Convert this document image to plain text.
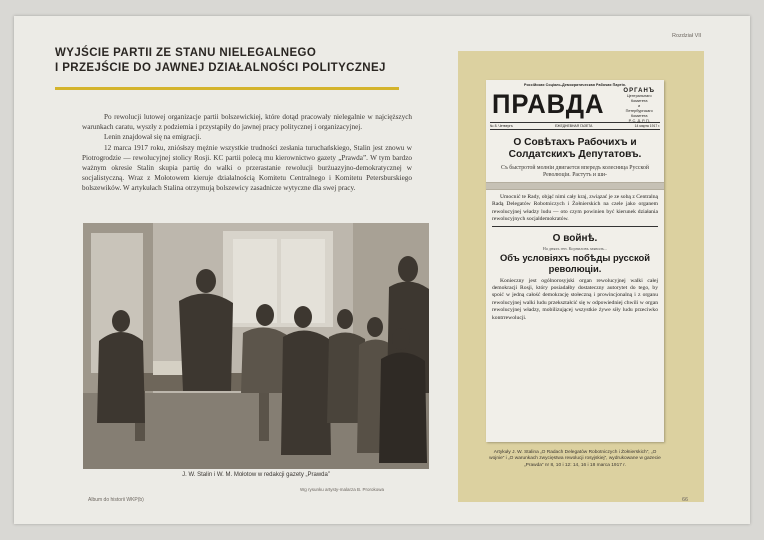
Rozdział VII
WYJŚCIE PARTII ZE STANU NIELEGALNEGO
I PRZEJŚCIE DO JAWNEJ DZIAŁALNOŚCI POLITYCZNEJ

Po rewolucji lutowej organizacje partii bolszewickiej, które dotąd pracowały nielegalnie w najcięższych warunkach caratu, wyszły z podziemia i przystąpiły do jawnej pracy politycznej i organizacyjnej.

Lenin znajdował się na emigracji.

12 marca 1917 roku, zniósłszy mężnie wszystkie trudności zesłania turuchańskiego, Stalin jest znowu w Piotrogrodzie — rewolucyjnej stolicy Rosji. KC partii polecą mu kierownictwo gazety „Prawda”. W tym bardzo ważnym okresie Stalin skupia partię do walki o przerastanie rewolucji burżuazyjno-demokratycznej w socjalistyczną. Wraz z Mołotowem kieruje działalnością Komitetu Centralnego i Komitetu Petersburskiego bolszewików. W artykułach Stalina otrzymują bolszewicy zasadnicze wytyczne dla swej pracy.

J. W. Stalin i W. M. Mołotow w redakcji gazety „Prawda”
Wg rysunku artysty-malarza B. Prorokowa
Россійская Соціаль-Демократическая Рабочая Партія.
ПРАВДА	ОРГАНЪ
Центральнаго Комитета
и
Петербургскаго Комитета
Р. С. Д. Р. П.
№ 8. Четвергъ	ЕЖЕДНЕВНАЯ ГАЗЕТА	14 марта 1917 г.
О Совѣтахъ Рабочихъ и Солдатскихъ Депутатовъ.
Съ быстротой молніи двигается впередъ колесница Русской Революціи. Растутъ и ши-
Umocnić te Rady, objąć nimi cały kraj, związać je ze sobą z Centralną Radą Delegatów Robotniczych i Żołnierskich na czele jako organem rewolucyjnej władzy ludu — oto czym powinien być kierunek działania rewolucyjnych socjaldemokratów.
О войнѣ.
На дняхъ ген. Корниловъ заявилъ...
Объ условіяхъ побѣды русской революціи.
Konieczny jest ogólnorosyjski organ rewolucyjnej walki całej demokracji Rosji, który posiadałby dostateczny autorytet do tego, by spoić w jedną całość demokrację stołeczną i prowincjonalną i z organu rewolucyjnej walki ludu przekształcić się w odpowiedniej chwili w organ rewolucyjnej władzy, mobilizującej wszystkie żywe siły ludu przeciwko kontrrewolucji.
Artykuły J. W. Stalina „O Radach Delegatów Robotniczych i Żołnierskich”, „O wojnie” i „O warunkach zwycięstwa rewolucji rosyjskiej”, wydrukowane w gazecie „Prawda” nr 8, 10 i 12: 14, 16 i 18 marca 1917 r.
Album do historii WKP(b)	66
